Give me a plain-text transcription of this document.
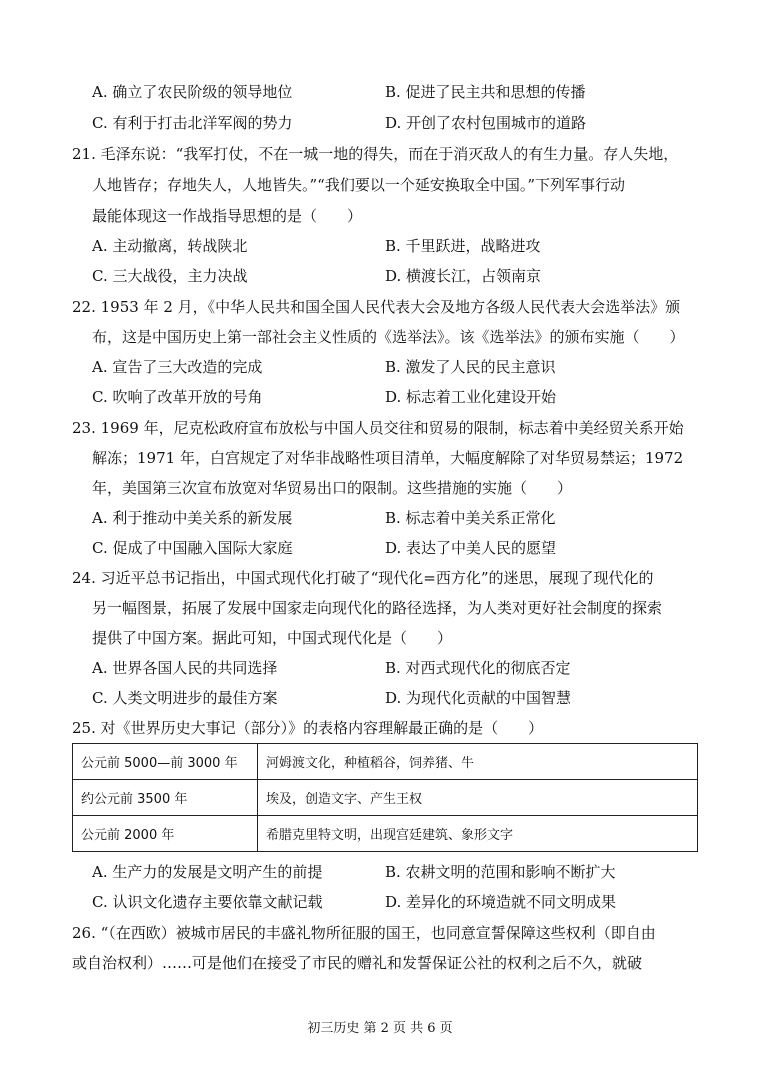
A. 确立了农民阶级的领导地位	B. 促进了民主共和思想的传播
C. 有利于打击北洋军阀的势力	D. 开创了农村包围城市的道路
21. 毛泽东说：“我军打仗，不在一城一地的得失，而在于消灭敌人的有生力量。存人失地，
人地皆存；存地失人，人地皆失。”“我们要以一个延安换取全中国。”下列军事行动
最能体现这一作战指导思想的是（　　）
A. 主动撤离，转战陕北	B. 千里跃进，战略进攻
C. 三大战役，主力决战	D. 横渡长江，占领南京
22. 1953 年 2 月，《中华人民共和国全国人民代表大会及地方各级人民代表大会选举法》颁
布，这是中国历史上第一部社会主义性质的《选举法》。该《选举法》的颁布实施（　　）
A. 宣告了三大改造的完成	B. 激发了人民的民主意识
C. 吹响了改革开放的号角	D. 标志着工业化建设开始
23. 1969 年，尼克松政府宣布放松与中国人员交往和贸易的限制，标志着中美经贸关系开始
解冻；1971 年，白宫规定了对华非战略性项目清单，大幅度解除了对华贸易禁运；1972
年，美国第三次宣布放宽对华贸易出口的限制。这些措施的实施（　　）
A. 利于推动中美关系的新发展	B. 标志着中美关系正常化
C. 促成了中国融入国际大家庭	D. 表达了中美人民的愿望
24. 习近平总书记指出，中国式现代化打破了“现代化=西方化”的迷思，展现了现代化的
另一幅图景，拓展了发展中国家走向现代化的路径选择，为人类对更好社会制度的探索
提供了中国方案。据此可知，中国式现代化是（　　）
A. 世界各国人民的共同选择	B. 对西式现代化的彻底否定
C. 人类文明进步的最佳方案	D. 为现代化贡献的中国智慧
25. 对《世界历史大事记（部分）》的表格内容理解最正确的是（　　）
公元前 5000—前 3000 年	河姆渡文化，种植稻谷，饲养猪、牛
约公元前 3500 年	埃及，创造文字、产生王权
公元前 2000 年	希腊克里特文明，出现宫廷建筑、象形文字
A. 生产力的发展是文明产生的前提	B. 农耕文明的范围和影响不断扩大
C. 认识文化遗存主要依靠文献记载	D. 差异化的环境造就不同文明成果
26. “（在西欧）被城市居民的丰盛礼物所征服的国王，也同意宣誓保障这些权利（即自由
或自治权利）……可是他们在接受了市民的赠礼和发誓保证公社的权利之后不久，就破
初三历史 第 2 页 共 6 页
